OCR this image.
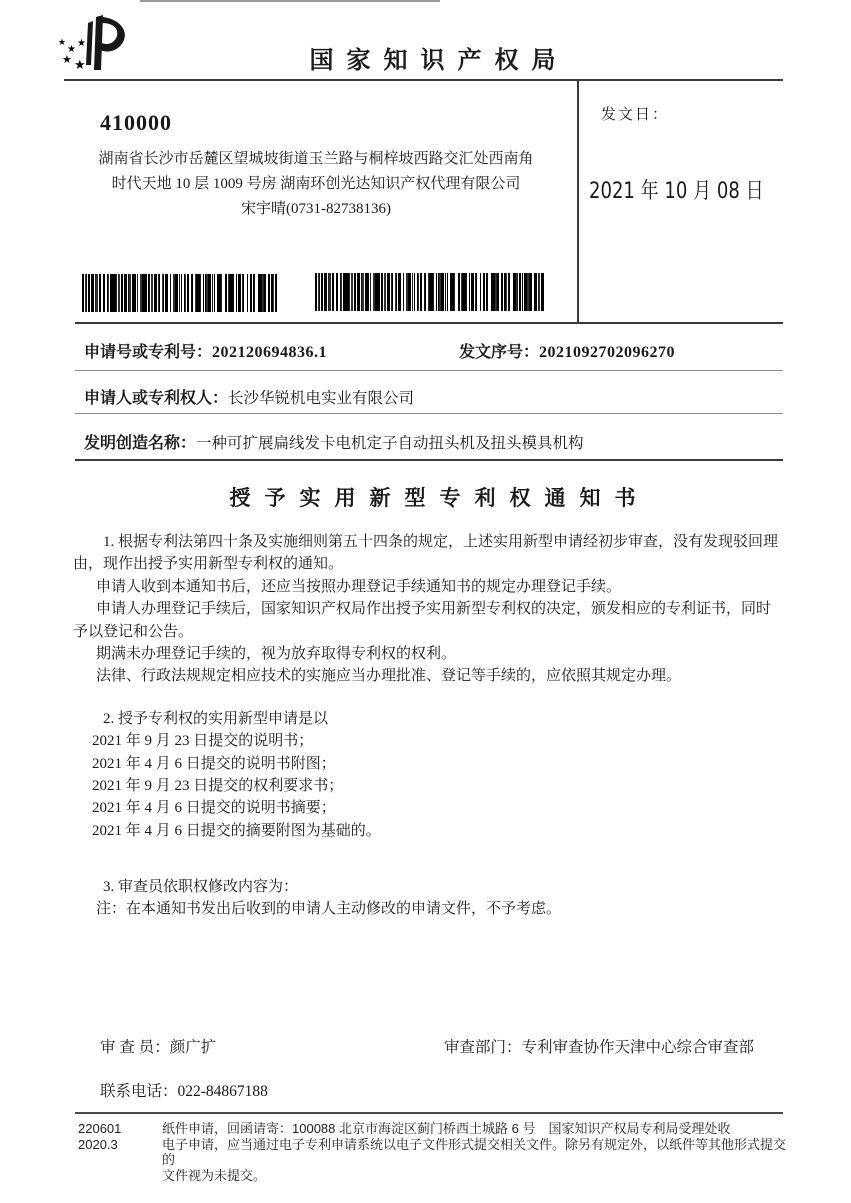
★
★
★
★ ★	国家知识产权局
410000
湖南省长沙市岳麓区望城坡街道玉兰路与桐梓坡西路交汇处西南角
时代天地 10 层 1009 号房 湖南环创光达知识产权代理有限公司
宋宇晴(0731-82738136)
发文日：
2021 年 10 月 08 日
申请号或专利号：202120694836.1	发文序号：2021092702096270
申请人或专利权人：长沙华锐机电实业有限公司
发明创造名称：一种可扩展扁线发卡电机定子自动扭头机及扭头模具机构
授予实用新型专利权通知书
1. 根据专利法第四十条及实施细则第五十四条的规定，上述实用新型申请经初步审查，没有发现驳回理
由，现作出授予实用新型专利权的通知。
申请人收到本通知书后，还应当按照办理登记手续通知书的规定办理登记手续。
申请人办理登记手续后，国家知识产权局作出授予实用新型专利权的决定，颁发相应的专利证书，同时
予以登记和公告。
期满未办理登记手续的，视为放弃取得专利权的权利。
法律、行政法规规定相应技术的实施应当办理批准、登记等手续的，应依照其规定办理。
2. 授予专利权的实用新型申请是以
2021 年 9 月 23 日提交的说明书；
2021 年 4 月 6 日提交的说明书附图；
2021 年 9 月 23 日提交的权利要求书；
2021 年 4 月 6 日提交的说明书摘要；
2021 年 4 月 6 日提交的摘要附图为基础的。
3. 审查员依职权修改内容为：
注：在本通知书发出后收到的申请人主动修改的申请文件，不予考虑。
审 查 员：颜广扩	审查部门：专利审查协作天津中心综合审查部
联系电话：022-84867188
220601
2020.3
纸件申请，回函请寄：100088 北京市海淀区蓟门桥西土城路 6 号　国家知识产权局专利局受理处收
电子申请，应当通过电子专利申请系统以电子文件形式提交相关文件。除另有规定外，以纸件等其他形式提交的
文件视为未提交。
